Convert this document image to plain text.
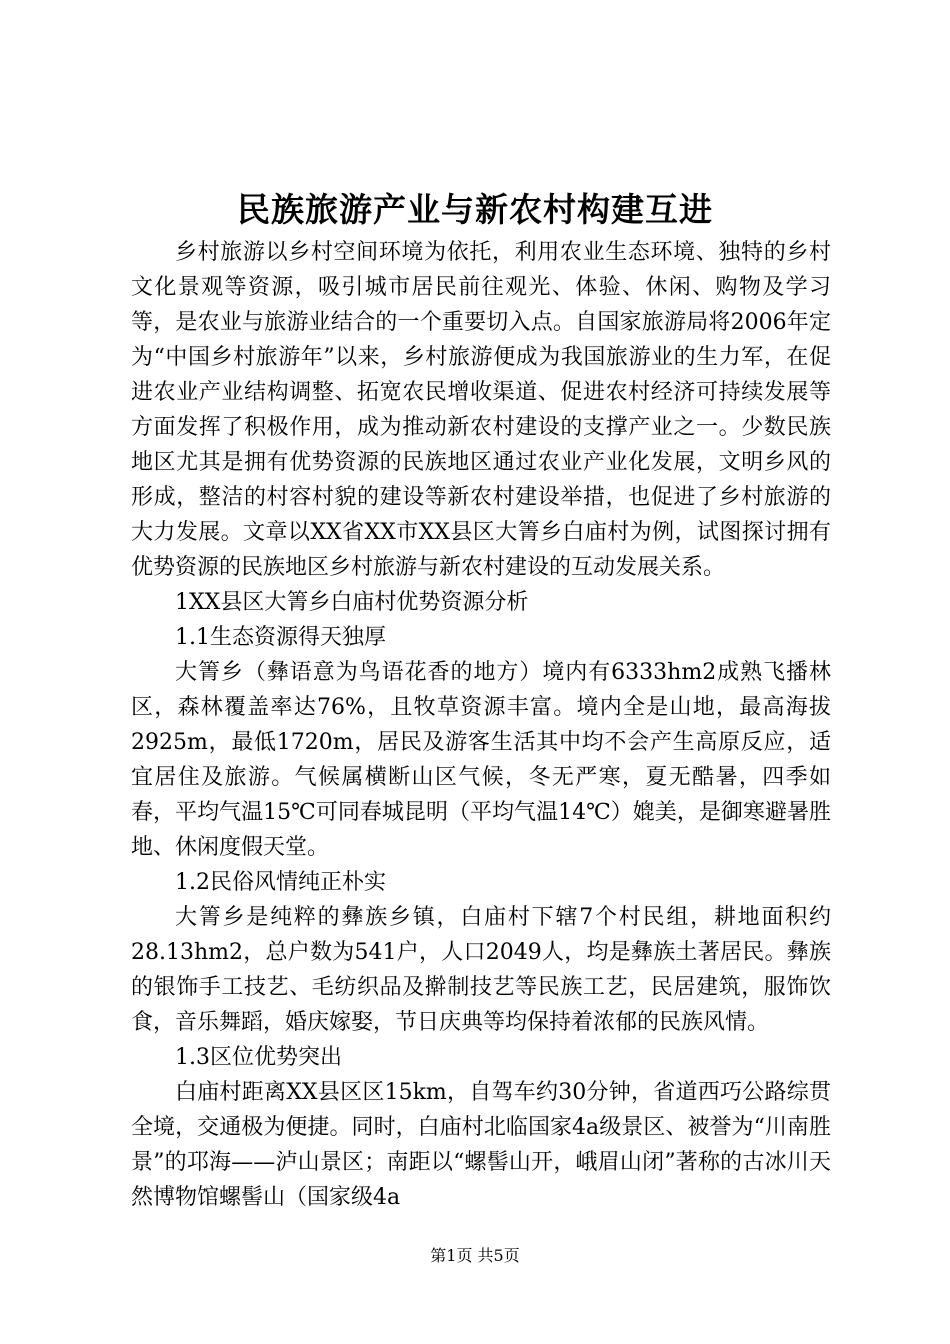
民族旅游产业与新农村构建互进

乡村旅游以乡村空间环境为依托，利用农业生态环境、独特的乡村文化景观等资源，吸引城市居民前往观光、体验、休闲、购物及学习等，是农业与旅游业结合的一个重要切入点。自国家旅游局将2006年定为“中国乡村旅游年”以来，乡村旅游便成为我国旅游业的生力军，在促进农业产业结构调整、拓宽农民增收渠道、促进农村经济可持续发展等方面发挥了积极作用，成为推动新农村建设的支撑产业之一。少数民族地区尤其是拥有优势资源的民族地区通过农业产业化发展，文明乡风的形成，整洁的村容村貌的建设等新农村建设举措，也促进了乡村旅游的大力发展。文章以XX省XX市XX县区大箐乡白庙村为例，试图探讨拥有优势资源的民族地区乡村旅游与新农村建设的互动发展关系。

1XX县区大箐乡白庙村优势资源分析

1.1生态资源得天独厚

大箐乡（彝语意为鸟语花香的地方）境内有6333hm2成熟飞播林区，森林覆盖率达76%，且牧草资源丰富。境内全是山地，最高海拔2925m，最低1720m，居民及游客生活其中均不会产生高原反应，适宜居住及旅游。气候属横断山区气候，冬无严寒，夏无酷暑，四季如春，平均气温15℃可同春城昆明（平均气温14℃）媲美，是御寒避暑胜地、休闲度假天堂。

1.2民俗风情纯正朴实

大箐乡是纯粹的彝族乡镇，白庙村下辖7个村民组，耕地面积约28.13hm2，总户数为541户，人口2049人，均是彝族土著居民。彝族的银饰手工技艺、毛纺织品及擀制技艺等民族工艺，民居建筑，服饰饮食，音乐舞蹈，婚庆嫁娶，节日庆典等均保持着浓郁的民族风情。

1.3区位优势突出

白庙村距离XX县区区15km，自驾车约30分钟，省道西巧公路综贯全境，交通极为便捷。同时，白庙村北临国家4a级景区、被誉为“川南胜景”的邛海——泸山景区；南距以“螺髻山开，峨眉山闭”著称的古冰川天然博物馆螺髻山（国家级4a

第1页 共5页
